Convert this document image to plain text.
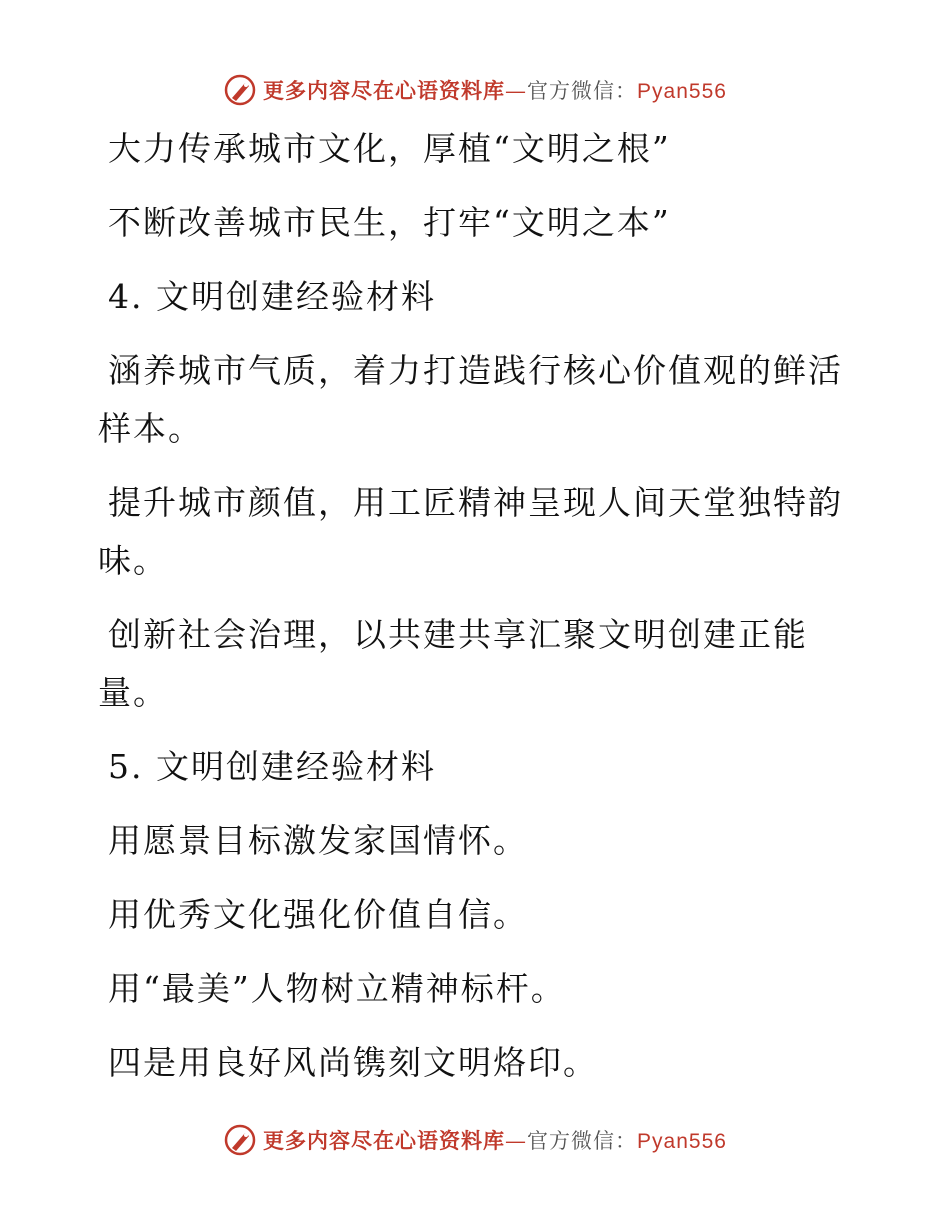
更多内容尽在心语资料库—官方微信：Pyan556

大力传承城市文化，厚植“文明之根”

不断改善城市民生，打牢“文明之本”

4. 文明创建经验材料

涵养城市气质，着力打造践行核心价值观的鲜活样本。

提升城市颜值，用工匠精神呈现人间天堂独特韵味。

创新社会治理，以共建共享汇聚文明创建正能量。

5. 文明创建经验材料

用愿景目标激发家国情怀。

用优秀文化强化价值自信。

用“最美”人物树立精神标杆。

四是用良好风尚镌刻文明烙印。

更多内容尽在心语资料库—官方微信：Pyan556
